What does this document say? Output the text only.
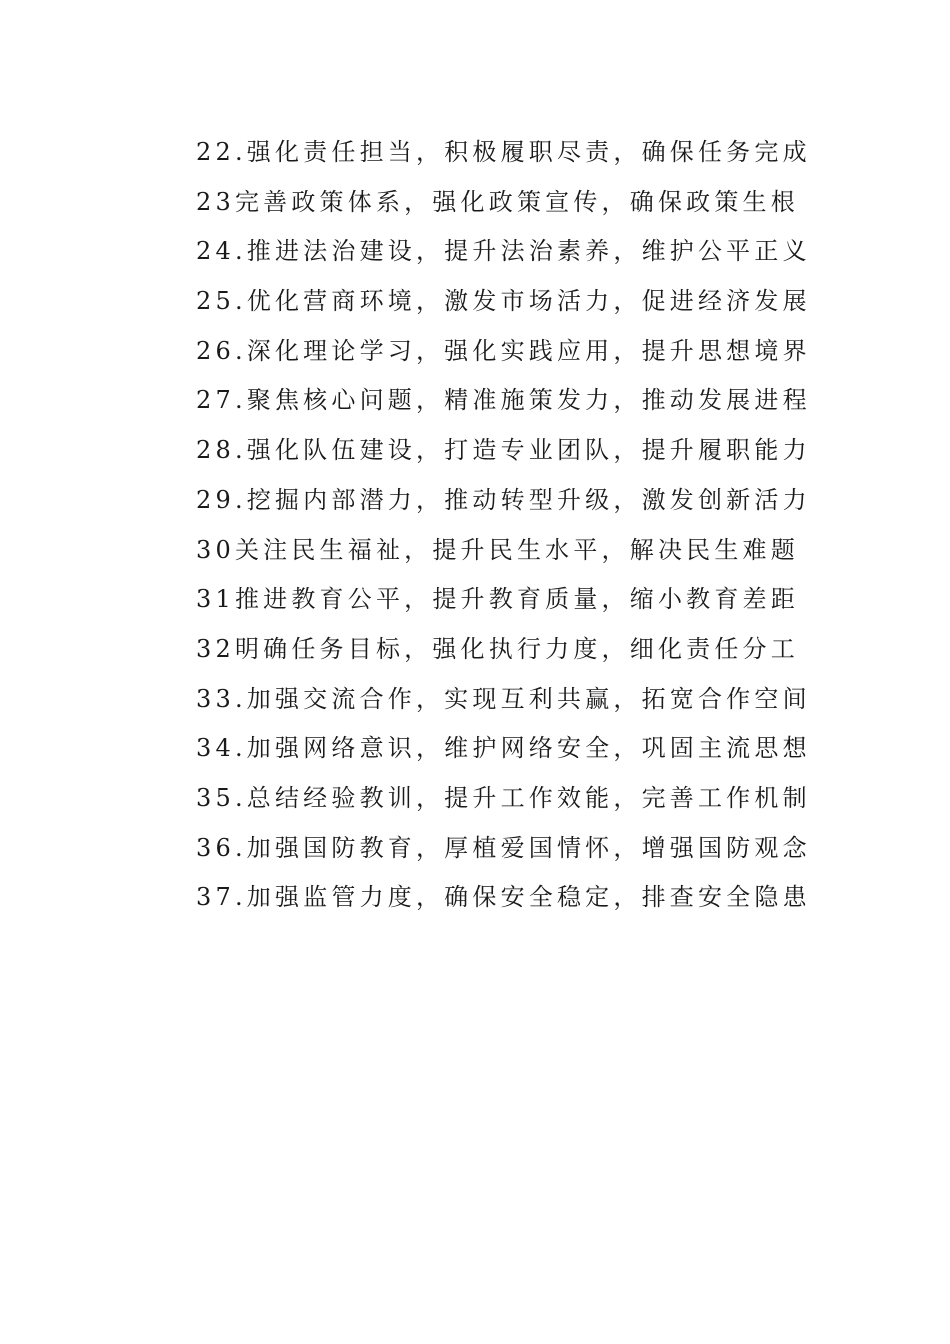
22.强化责任担当，积极履职尽责，确保任务完成
23完善政策体系，强化政策宣传，确保政策生根
24.推进法治建设，提升法治素养，维护公平正义
25.优化营商环境，激发市场活力，促进经济发展
26.深化理论学习，强化实践应用，提升思想境界
27.聚焦核心问题，精准施策发力，推动发展进程
28.强化队伍建设，打造专业团队，提升履职能力
29.挖掘内部潜力，推动转型升级，激发创新活力
30关注民生福祉，提升民生水平，解决民生难题
31推进教育公平，提升教育质量，缩小教育差距
32明确任务目标，强化执行力度，细化责任分工
33.加强交流合作，实现互利共赢，拓宽合作空间
34.加强网络意识，维护网络安全，巩固主流思想
35.总结经验教训，提升工作效能，完善工作机制
36.加强国防教育，厚植爱国情怀，增强国防观念
37.加强监管力度，确保安全稳定，排查安全隐患
